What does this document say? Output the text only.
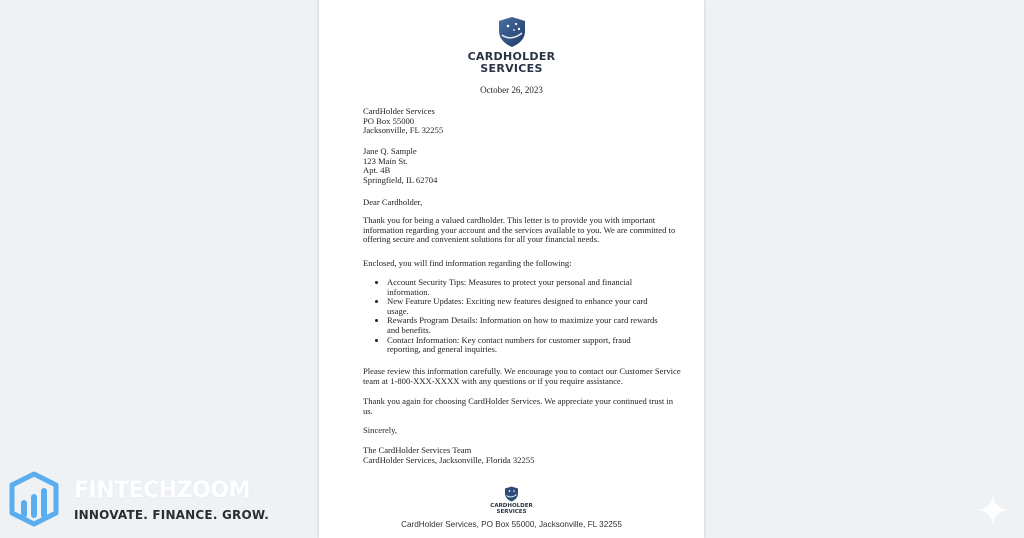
CARDHOLDER
SERVICES
October 26, 2023
CardHolder Services
PO Box 55000
Jacksonville, FL 32255
Jane Q. Sample
123 Main St.
Apt. 4B
Springfield, IL 62704
Dear Cardholder,
Thank you for being a valued cardholder. This letter is to provide you with important information regarding your account and the services available to you. We are committed to offering secure and convenient solutions for all your financial needs.
Enclosed, you will find information regarding the following:
• Account Security Tips: Measures to protect your personal and financial information.
• New Feature Updates: Exciting new features designed to enhance your card usage.
• Rewards Program Details: Information on how to maximize your card rewards and benefits.
• Contact Information: Key contact numbers for customer support, fraud reporting, and general inquiries.
Please review this information carefully. We encourage you to contact our Customer Service team at 1-800-XXX-XXXX with any questions or if you require assistance.
Thank you again for choosing CardHolder Services. We appreciate your continued trust in us.
Sincerely,
The CardHolder Services Team
CardHolder Services, Jacksonville, Florida 32255
CARDHOLDER
SERVICES
CardHolder Services, PO Box 55000, Jacksonville, FL 32255
FINTECHZOOM
INNOVATE. FINANCE. GROW.
